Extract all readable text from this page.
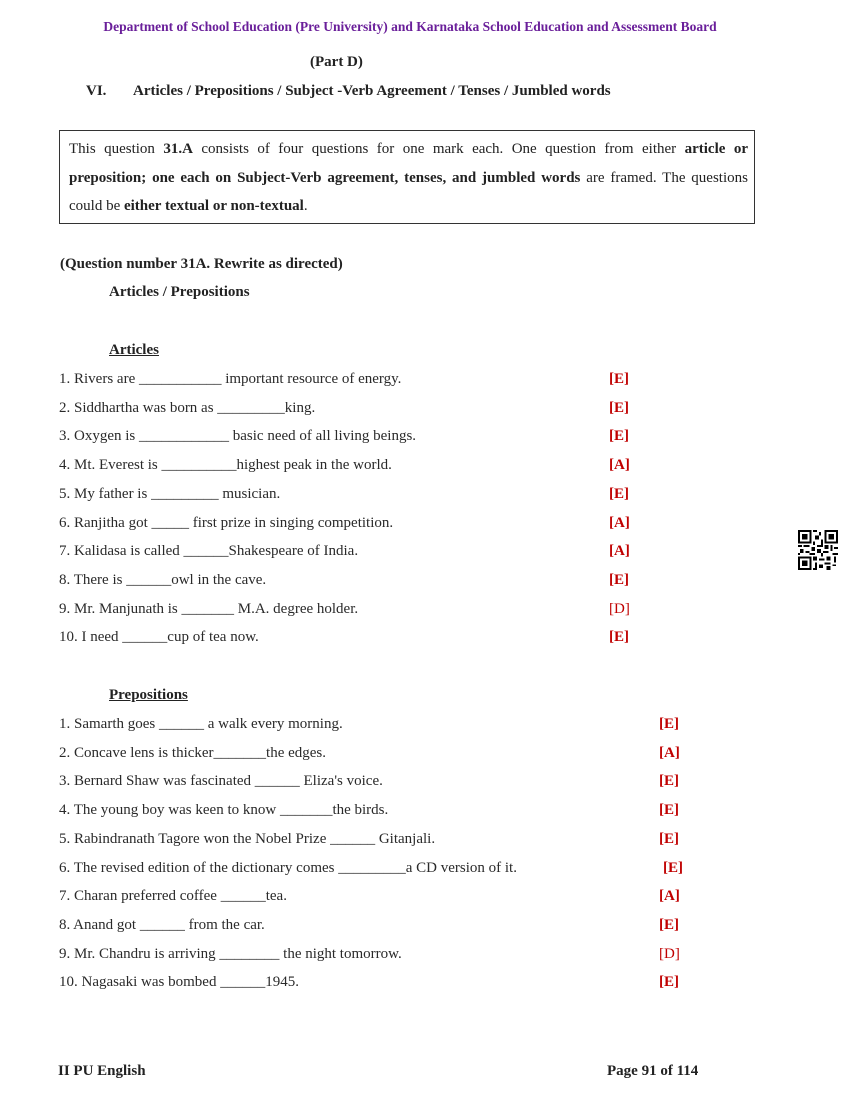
Department of School Education (Pre University) and Karnataka School Education and Assessment Board
(Part D)
VI. Articles / Prepositions / Subject -Verb Agreement / Tenses / Jumbled words
This question 31.A consists of four questions for one mark each. One question from either article or preposition; one each on Subject-Verb agreement, tenses, and jumbled words are framed. The questions could be either textual or non-textual.
(Question number 31A. Rewrite as directed)
Articles / Prepositions
Articles
1. Rivers are ___________ important resource of energy.	[E]
2. Siddhartha was born as _________king.	[E]
3. Oxygen is ____________ basic need of all living beings.	[E]
4. Mt. Everest is __________highest peak in the world.	[A]
5. My father is _________ musician.	[E]
6. Ranjitha got _____ first prize in singing competition.	[A]
7. Kalidasa is called ______Shakespeare of India.	[A]
8. There is ______owl in the cave.	[E]
9. Mr. Manjunath is _______ M.A. degree holder.	[D]
10. I need ______cup of tea now.	[E]
Prepositions
1. Samarth goes ______ a walk every morning.	[E]
2. Concave lens is thicker_______the edges.	[A]
3. Bernard Shaw was fascinated ______ Eliza's voice.	[E]
4. The young boy was keen to know _______the birds.	[E]
5. Rabindranath Tagore won the Nobel Prize ______ Gitanjali.	[E]
6. The revised edition of the dictionary comes _________a CD version of it.	[E]
7. Charan preferred coffee ______tea.	[A]
8. Anand got ______ from the car.	[E]
9. Mr. Chandru is arriving ________ the night tomorrow.	[D]
10. Nagasaki was bombed ______1945.	[E]
II PU English	Page 91 of 114
